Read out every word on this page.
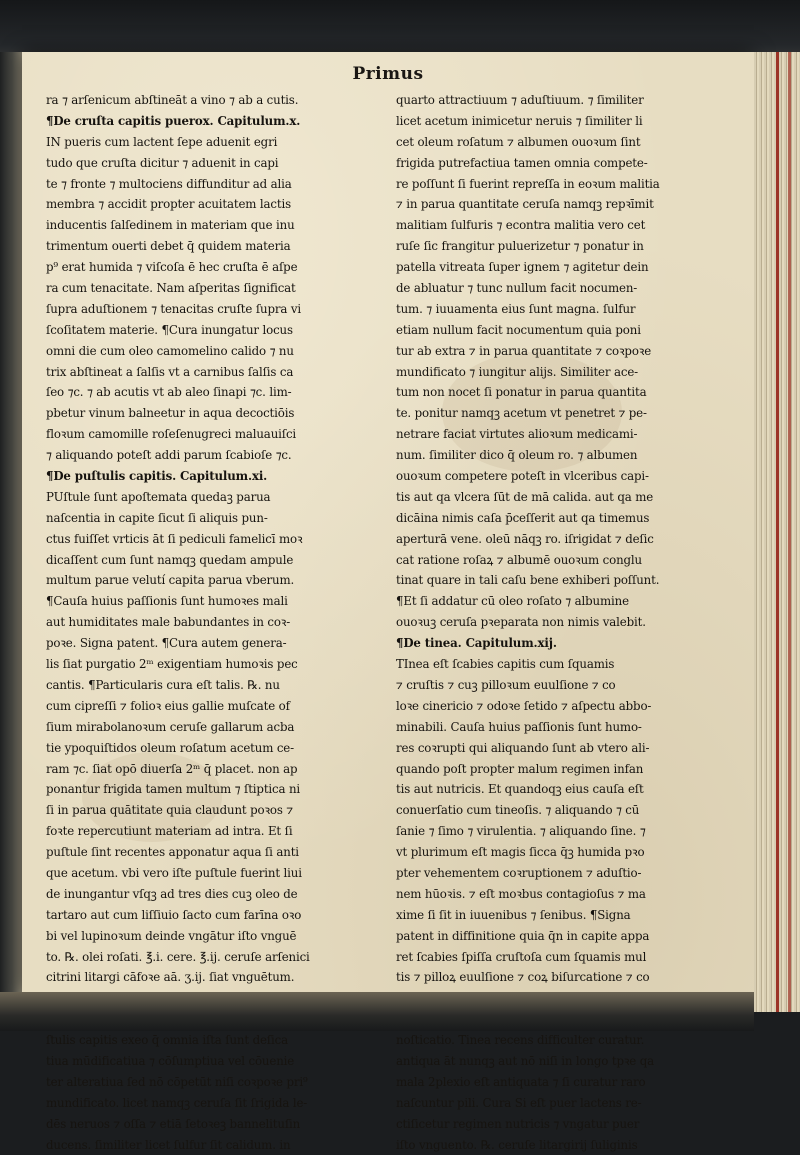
Primus
ra ⁊ arſenicum abſtineāt a vino ⁊ ab a cutis.
¶De cruſta capitis puerox. Capitulum.x.
IN pueris cum lactent ſepe aduenit egri
tudo que cruſta dicitur ⁊ aduenit in capi
te ⁊ fronte ⁊ multociens diffunditur ad alia
membra ⁊ accidit propter acuitatem lactis
inducentis ſalſedinem in materiam que inu
trimentum ouerti debet q̄ quidem materia
p⁹ erat humida ⁊ viſcoſa ē hec cruſta ē aſpe
ra cum tenacitate. Nam aſperitas ſignificat
ſupra aduſtionem ⁊ tenacitas cruſte ſupra vi
ſcoſitatem materie. ¶Cura inungatur locus
omni die cum oleo camomelino calido ⁊ nu
trix abſtineat a ſalſis vt a carnibus ſalſis ca
ſeo ⁊c. ⁊ ab acutis vt ab aleo ſinapi ⁊c. lim-
pbetur vinum balneetur in aqua decoctiōis
floꝛum camomille roſeſenugreci maluauiſci
⁊ aliquando poteſt addi parum ſcabioſe ⁊c.
¶De puſtulis capitis. Capitulum.xi.
PUſtule ſunt apoſtemata quedaꝫ parua
naſcentia in capite ſicut ſi aliquis pun-
ctus fuiſſet vrticis āt ſi pediculi famelicī moꝛ
dicaſſent cum ſunt namqꝫ quedam ampule
multum parue velutí capita parua vberum.
¶Cauſa huius paſſionis ſunt humoꝛes mali
aut humiditates male babundantes in coꝛ-
poꝛe. Signa patent. ¶Cura autem genera-
lis ſiat purgatio 2ᵐ exigentiam humoꝛis pec
cantis. ¶Particularis cura eſt talis. ℞. nu
cum cipreſſi ⁊ folioꝛ eius gallie muſcate of
ſium mirabolanoꝛum ceruſe gallarum acba
tie ypoquiſtidos oleum roſatum acetum ce-
ram ⁊c. ſiat opō diuerſa 2ᵐ q̄ placet. non ap
ponantur frigida tamen multum ⁊ ſtiptica ni
ſi in parua quātitate quia claudunt poꝛos ⁊
foꝛte repercutiunt materiam ad intra. Et ſi
puſtule ſint recentes apponatur aqua ſi anti
que acetum. vbi vero iſte puſtule fuerint liui
de inungantur vſqꝫ ad tres dies cuꝫ oleo de
tartaro aut cum liſſiuio ſacto cum farīna oꝛo
bi vel lupinoꝛum deinde vngātur iſto vnguē
to. ℞. olei roſati. ℥.i. cere. ℥.ij. ceruſe arſenici
citrini litargi cāfoꝛe aā. ʒ.ij. ſiat vnguētum.
ſtulis capitis exeo q̄ omnia iſta ſunt deſica
tiua mūdificatiua ⁊ cōſumptiua vel cōuenie
ter alteratiua ſed nō cōpetūt niſi coꝛpoꝛe pri⁹
mundificato. licet namqꝫ ceruſa ſit ſrigida le-
dēs neruos ⁊ oſſa ⁊ etiā ſetoꝛeꝫ bannelituſin
ducens. ſimiliter licet ſulfur ſit calidum. in
quarto attractiuum ⁊ aduſtiuum. ⁊ ſimiliter
licet acetum inimicetur neruis ⁊ ſimiliter li
cet oleum roſatum ⁊ albumen ouoꝛum ſint
frigida putrefactiua tamen omnia compete-
re poſſunt ſi fuerint repreſſa in eoꝛum malitia
⁊ in parua quantitate ceruſa namqꝫ repꝛīmit
malitiam ſulfuris ⁊ econtra malitia vero cet
ruſe ſic frangitur puluerizetur ⁊ ponatur in
patella vitreata ſuper ignem ⁊ agitetur dein
de abluatur ⁊ tunc nullum facit nocumen-
tum. ⁊ iuuamenta eius ſunt magna. ſulfur
etiam nullum facit nocumentum quia poni
tur ab extra ⁊ in parua quantitate ⁊ coꝛpoꝛe
mundificato ⁊ iungitur alijs. Similiter ace-
tum non nocet ſi ponatur in parua quantita
te. ponitur namqꝫ acetum vt penetret ⁊ pe-
netrare faciat virtutes alioꝛum medicami-
num. ſimiliter dico q̄ oleum ro. ⁊ albumen
ouoꝛum competere poteſt in vlceribus capi-
tis aut qa vlcera ſūt de mā calida. aut qa me
dicāina nimis caſa p̄ceſſerit aut qa timemus
aperturā vene. oleū nāqꝫ ro. iſrigidat ⁊ deſic
cat ratione roſaꝝ ⁊ albumē ouoꝛum conglu
tinat quare in tali caſu bene exhiberi poſſunt.
¶Et ſi addatur cū oleo roſato ⁊ albumine
ouoꝛuꝫ ceruſa pꝛeparata non nimis valebit.
¶De tinea. Capitulum.xij.
TInea eſt ſcabies capitis cum ſquamis
⁊ cruſtis ⁊ cuꝫ pilloꝛum euulſione ⁊ co
loꝛe cinericio ⁊ odoꝛe ſetido ⁊ aſpectu abbo-
minabili. Cauſa huius paſſionis ſunt humo-
res coꝛrupti qui aliquando ſunt ab vtero ali-
quando poſt propter malum regimen infan
tis aut nutricis. Et quandoqꝫ eius cauſa eſt
conuerſatio cum tineoſis. ⁊ aliquando ⁊ cū
ſanie ⁊ ſimo ⁊ virulentia. ⁊ aliquando ſine. ⁊
vt plurimum eſt magis ſicca q̄ꝫ humida pꝛo
pter vehementem coꝛruptionem ⁊ aduſtio-
nem hūoꝛis. ⁊ eſt moꝛbus contagioſus ⁊ ma
xime ſi ſit in iuuenibus ⁊ ſenibus. ¶Signa
patent in diffinitione quia q̄n in capite appa
ret ſcabies ſpiſſa cruſtoſa cum ſquamis mul
tis ⁊ pilloꝝ euulſione ⁊ coꝝ biſurcatione ⁊ co
noſticatio. Tinea recens difficulter curatur.
antiqua āt nunqꝫ aut nō niſi in longo tpꝛe qa
mala 2plexio eſt antiquata ⁊ ſi curatur raro
naſcuntur pili. Cura Si eſt puer lactens re-
ctiſicetur regimen nutricis ⁊ vngatur puer
iſto vnguento. ℞. ceruſe litargirij ſuliginis
